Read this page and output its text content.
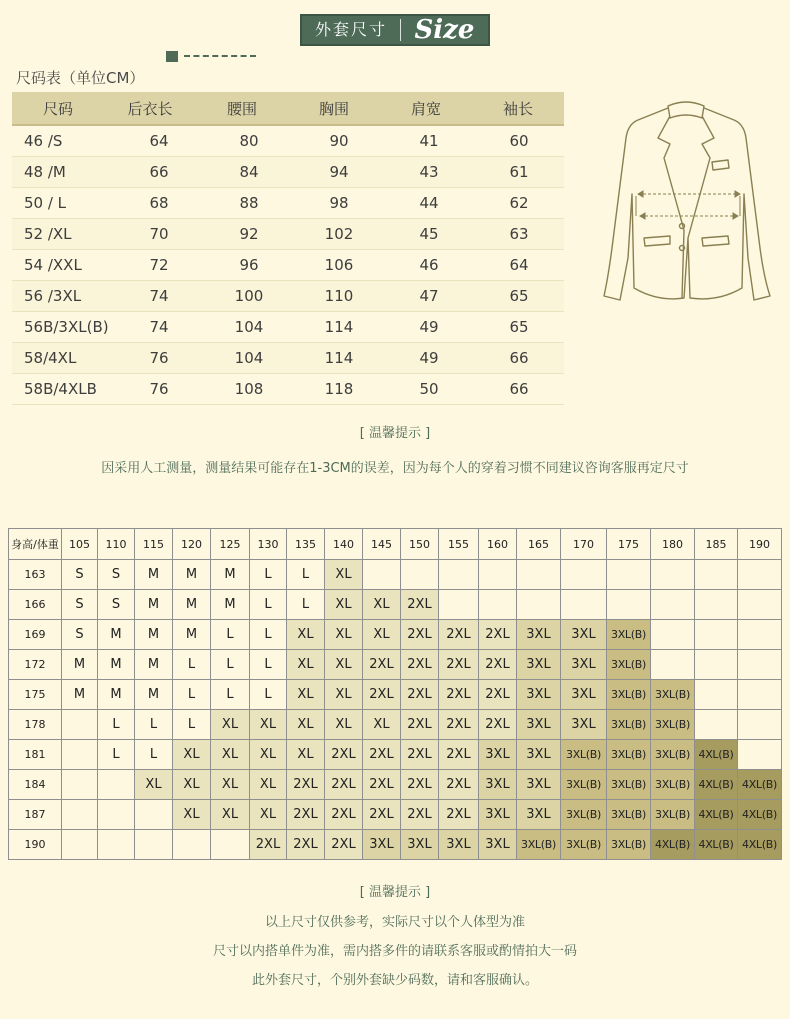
外套尺寸	Size
尺码表（单位CM）
尺码	后衣长	腰围	胸围	肩宽	袖长
46 /S	64	80	90	41	60
48 /M	66	84	94	43	61
50 / L	68	88	98	44	62
52 /XL	70	92	102	45	63
54 /XXL	72	96	106	46	64
56 /3XL	74	100	110	47	65
56B/3XL(B)	74	104	114	49	65
58/4XL	76	104	114	49	66
58B/4XLB	76	108	118	50	66
[ 温馨提示 ]
因采用人工测量，测量结果可能存在1-3CM的误差，因为每个人的穿着习惯不同建议咨询客服再定尺寸
身高/体重	105	110	115	120	125	130	135	140	145	150	155	160	165	170	175	180	185	190
163	S	S	M	M	M	L	L	XL										
166	S	S	M	M	M	L	L	XL	XL	2XL								
169	S	M	M	M	L	L	XL	XL	XL	2XL	2XL	2XL	3XL	3XL	3XL(B)			
172	M	M	M	L	L	L	XL	XL	2XL	2XL	2XL	2XL	3XL	3XL	3XL(B)			
175	M	M	M	L	L	L	XL	XL	2XL	2XL	2XL	2XL	3XL	3XL	3XL(B)	3XL(B)		
178		L	L	L	XL	XL	XL	XL	XL	2XL	2XL	2XL	3XL	3XL	3XL(B)	3XL(B)		
181		L	L	XL	XL	XL	XL	2XL	2XL	2XL	2XL	3XL	3XL	3XL(B)	3XL(B)	3XL(B)	4XL(B)	
184			XL	XL	XL	XL	2XL	2XL	2XL	2XL	2XL	3XL	3XL	3XL(B)	3XL(B)	3XL(B)	4XL(B)	4XL(B)
187				XL	XL	XL	2XL	2XL	2XL	2XL	2XL	3XL	3XL	3XL(B)	3XL(B)	3XL(B)	4XL(B)	4XL(B)
190						2XL	2XL	2XL	3XL	3XL	3XL	3XL	3XL(B)	3XL(B)	3XL(B)	4XL(B)	4XL(B)	4XL(B)
[ 温馨提示 ]
以上尺寸仅供参考，实际尺寸以个人体型为准
尺寸以内搭单件为准，需内搭多件的请联系客服或酌情拍大一码
此外套尺寸，个别外套缺少码数，请和客服确认。
